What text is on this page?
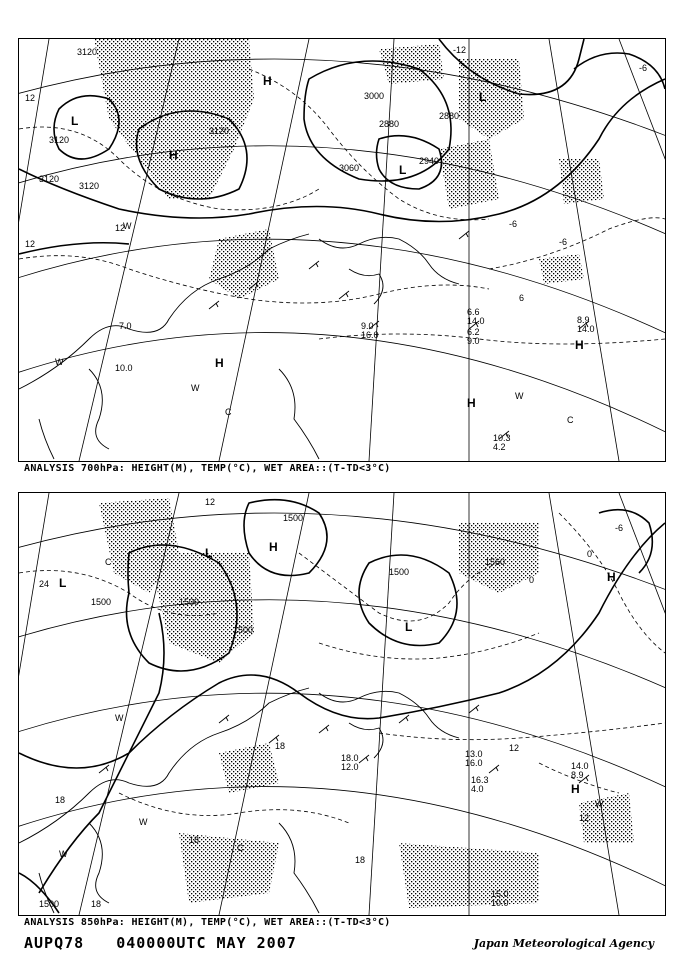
3120
3120
3120
3120
3120
3060
3000
2940
2880
2880
12
12
-12
-6
-6
-6
6
12
L
L
L
H
H
H
H
H
W
W
W
W
C
C
10.3
4.2
6.6
14.0
6.2
9.0
8.9
14.0
7.0
10.0
9.0
16.0
ANALYSIS 700hPa: HEIGHT(M), TEMP(°C), WET AREA::(T-TD<3°C)
1500
1500
1500
1500
1500
1500
1560
24
18
18
18
18
18
12
12
12
0
0
-6
L
L
L
H
H
H
W
W
W
W
C
C
13.0
16.0
16.3
4.0
14.0
8.9
18.0
12.0
15.0
10.0
ANALYSIS 850hPa: HEIGHT(M), TEMP(°C), WET AREA::(T-TD<3°C)
AUPQ78 040000UTC MAY 2007	Japan Meteorological Agency
